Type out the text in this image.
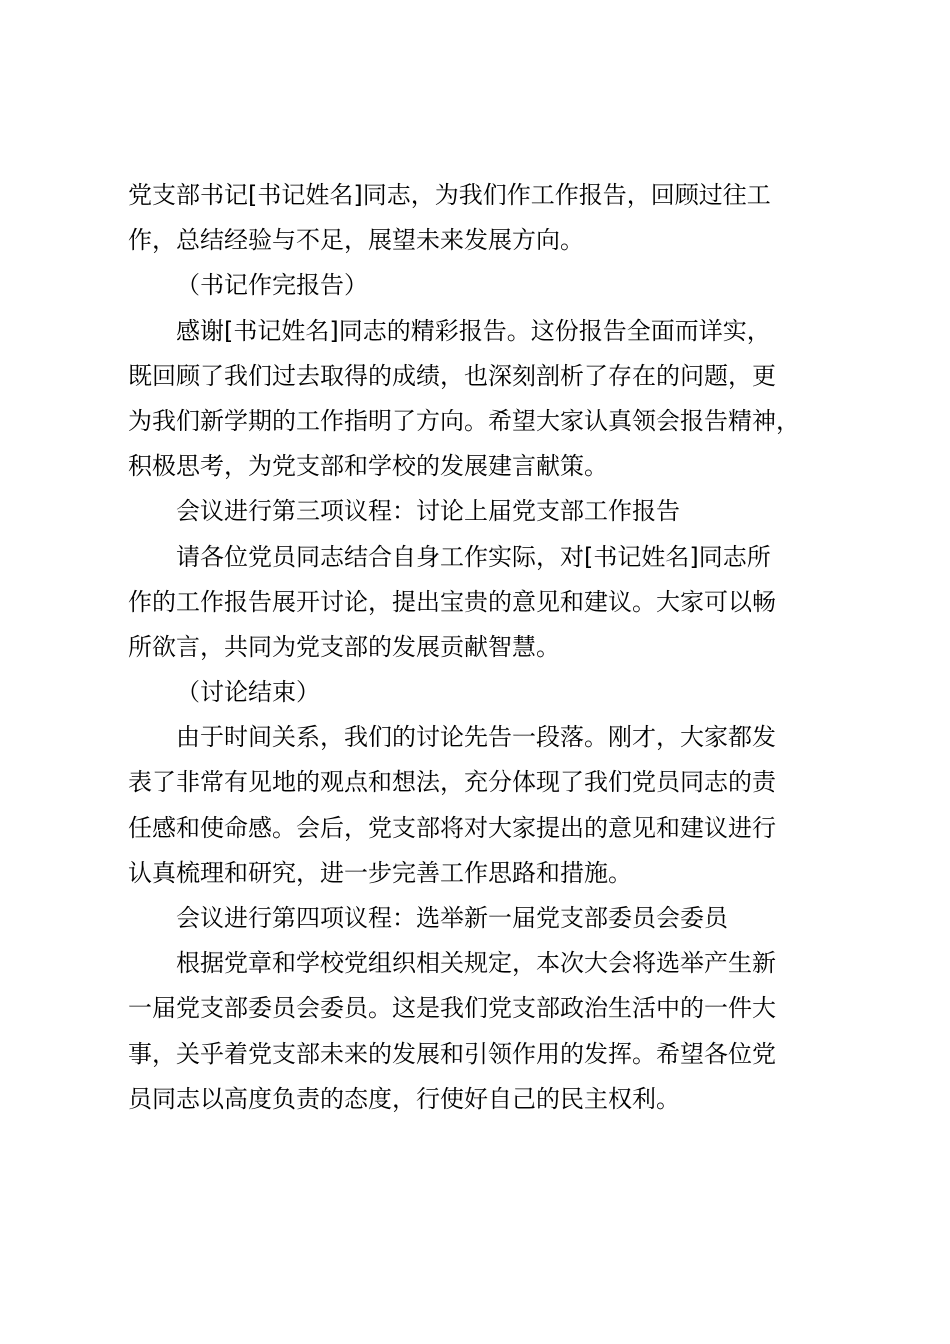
党支部书记[书记姓名]同志，为我们作工作报告，回顾过往工
作，总结经验与不足，展望未来发展方向。
（书记作完报告）
感谢[书记姓名]同志的精彩报告。这份报告全面而详实，
既回顾了我们过去取得的成绩，也深刻剖析了存在的问题，更
为我们新学期的工作指明了方向。希望大家认真领会报告精神，
积极思考，为党支部和学校的发展建言献策。
会议进行第三项议程：讨论上届党支部工作报告
请各位党员同志结合自身工作实际，对[书记姓名]同志所
作的工作报告展开讨论，提出宝贵的意见和建议。大家可以畅
所欲言，共同为党支部的发展贡献智慧。
（讨论结束）
由于时间关系，我们的讨论先告一段落。刚才，大家都发
表了非常有见地的观点和想法，充分体现了我们党员同志的责
任感和使命感。会后，党支部将对大家提出的意见和建议进行
认真梳理和研究，进一步完善工作思路和措施。
会议进行第四项议程：选举新一届党支部委员会委员
根据党章和学校党组织相关规定，本次大会将选举产生新
一届党支部委员会委员。这是我们党支部政治生活中的一件大
事，关乎着党支部未来的发展和引领作用的发挥。希望各位党
员同志以高度负责的态度，行使好自己的民主权利。
